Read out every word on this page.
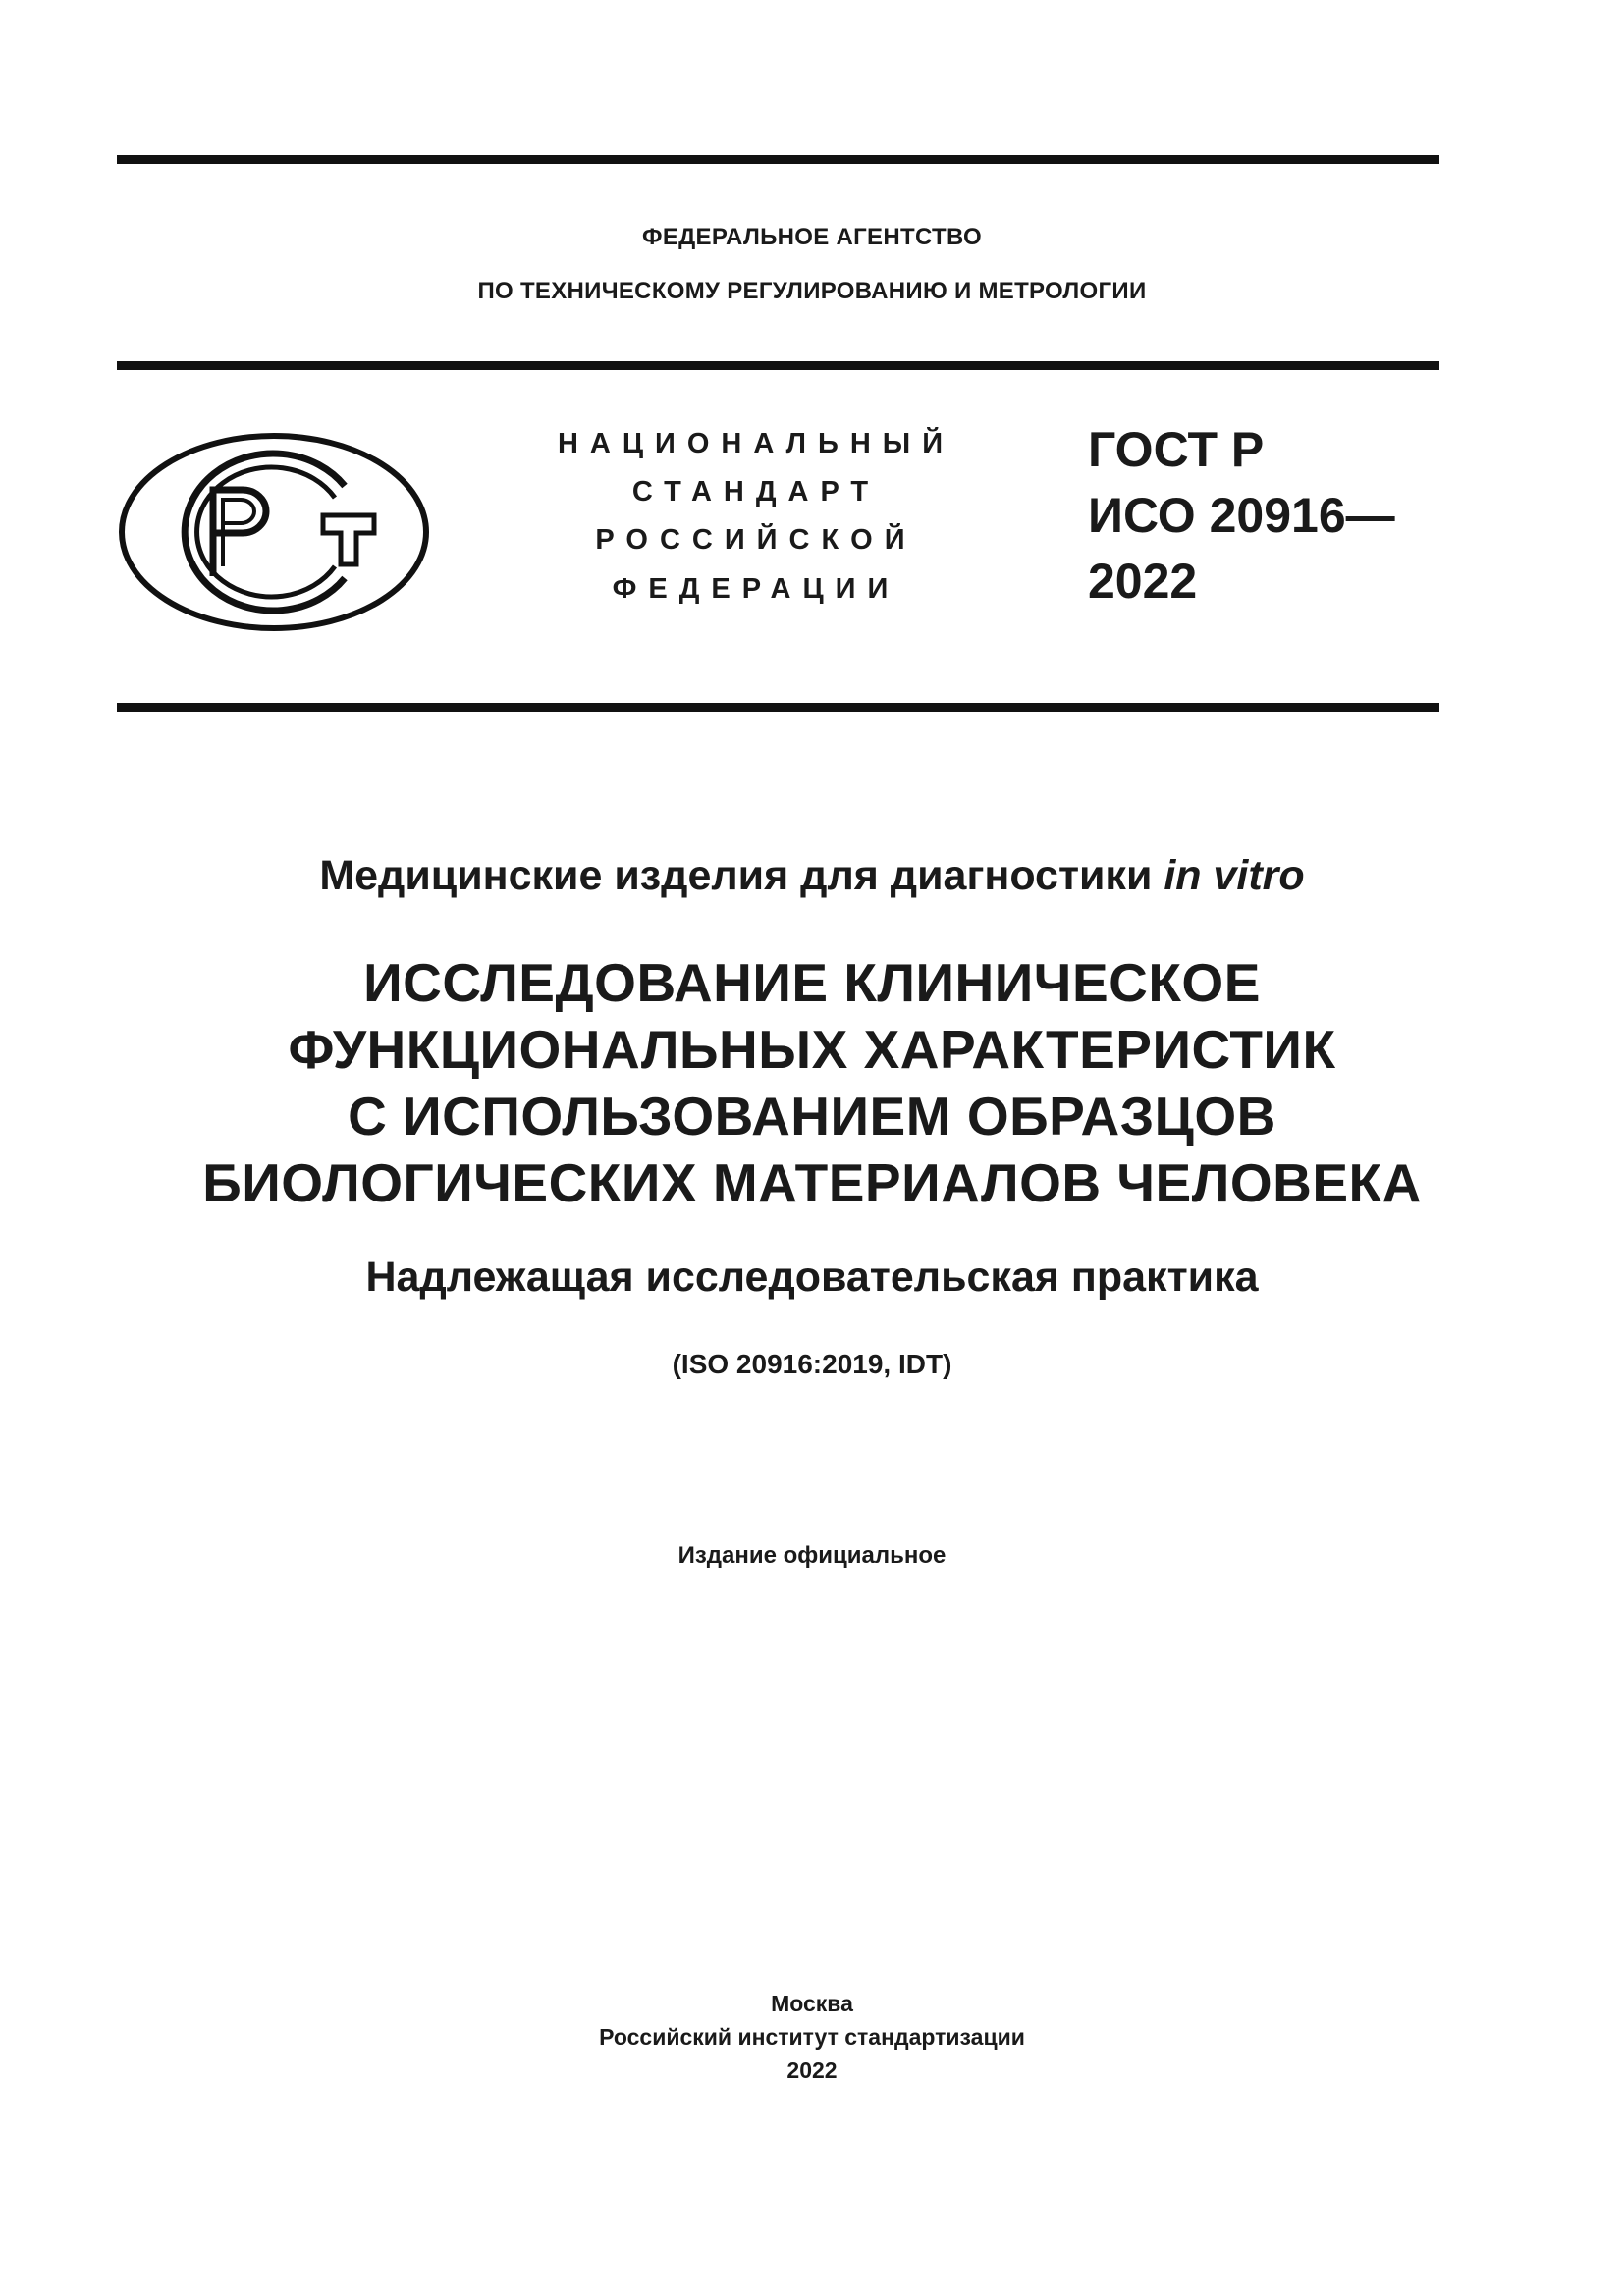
ФЕДЕРАЛЬНОЕ АГЕНТСТВО
ПО ТЕХНИЧЕСКОМУ РЕГУЛИРОВАНИЮ И МЕТРОЛОГИИ
НАЦИОНАЛЬНЫЙ
СТАНДАРТ
РОССИЙСКОЙ
ФЕДЕРАЦИИ
ГОСТ Р
ИСО 20916—
2022
Медицинские изделия для диагностики in vitro
ИССЛЕДОВАНИЕ КЛИНИЧЕСКОЕ
ФУНКЦИОНАЛЬНЫХ ХАРАКТЕРИСТИК
С ИСПОЛЬЗОВАНИЕМ ОБРАЗЦОВ
БИОЛОГИЧЕСКИХ МАТЕРИАЛОВ ЧЕЛОВЕКА
Надлежащая исследовательская практика
(ISO 20916:2019, IDT)
Издание официальное
Москва
Российский институт стандартизации
2022
